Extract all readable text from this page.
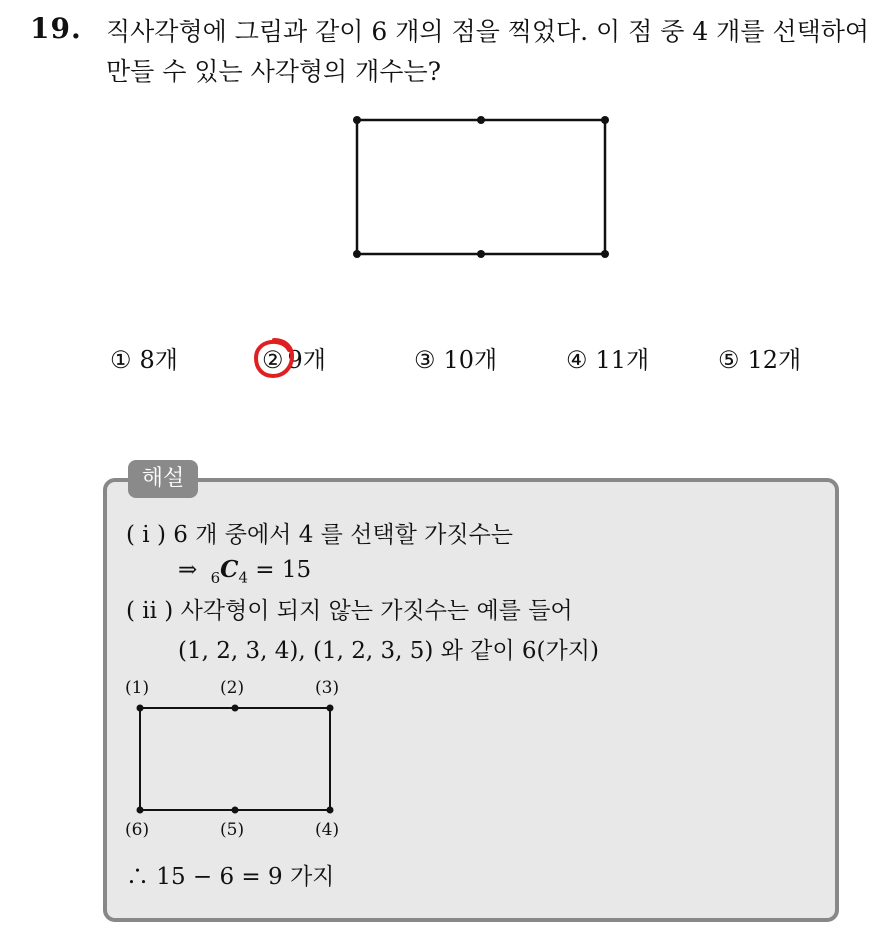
19. 직사각형에 그림과 같이 6 개의 점을 찍었다. 이 점 중 4 개를 선택하여
만들 수 있는 사각형의 개수는?
① 8개	② 9개	③ 10개	④ 11개	⑤ 12개
해설
( i ) 6 개 중에서 4 를 선택할 가짓수는
⇒ $_6C_4 = 15$
( ii ) 사각형이 되지 않는 가짓수는 예를 들어
(1, 2, 3, 4), (1, 2, 3, 5) 와 같이 6(가지)
(1)	(2)	(3)
(6)	(5)	(4)
∴ 15 − 6 = 9 가지
